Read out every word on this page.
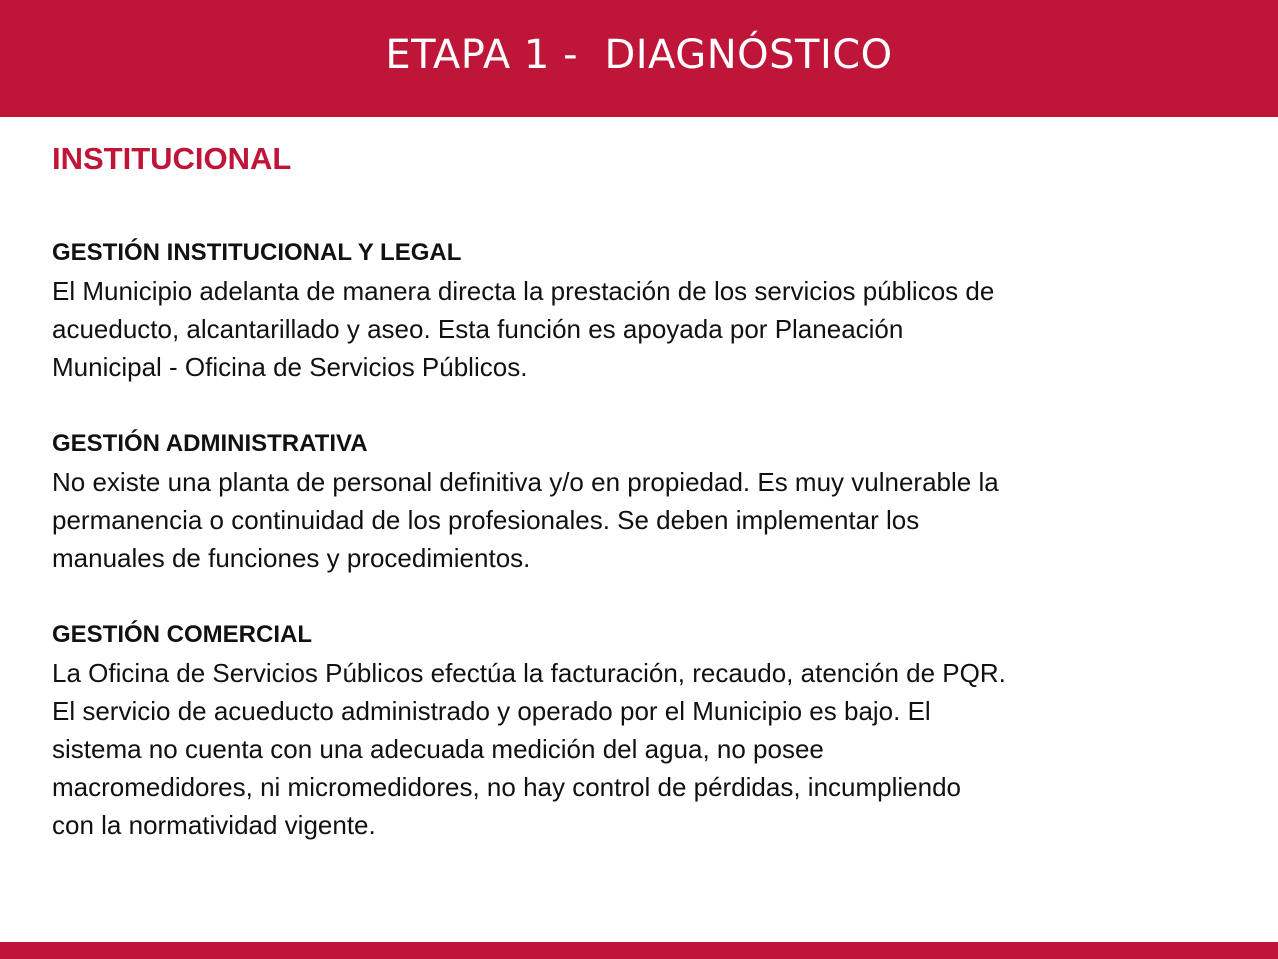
ETAPA 1 -  DIAGNÓSTICO
INSTITUCIONAL
GESTIÓN INSTITUCIONAL Y LEGAL
El Municipio adelanta de manera directa la prestación de los servicios públicos de
acueducto, alcantarillado y aseo. Esta función es apoyada por Planeación
Municipal - Oficina de Servicios Públicos.
GESTIÓN ADMINISTRATIVA
No existe una planta de personal definitiva y/o en propiedad. Es muy vulnerable la
permanencia o continuidad de los profesionales. Se deben implementar los
manuales de funciones y procedimientos.
GESTIÓN COMERCIAL
La Oficina de Servicios Públicos efectúa la facturación, recaudo, atención de PQR.
El servicio de acueducto administrado y operado por el Municipio es bajo. El
sistema no cuenta con una adecuada medición del agua, no posee
macromedidores, ni micromedidores, no hay control de pérdidas, incumpliendo
con la normatividad vigente.
